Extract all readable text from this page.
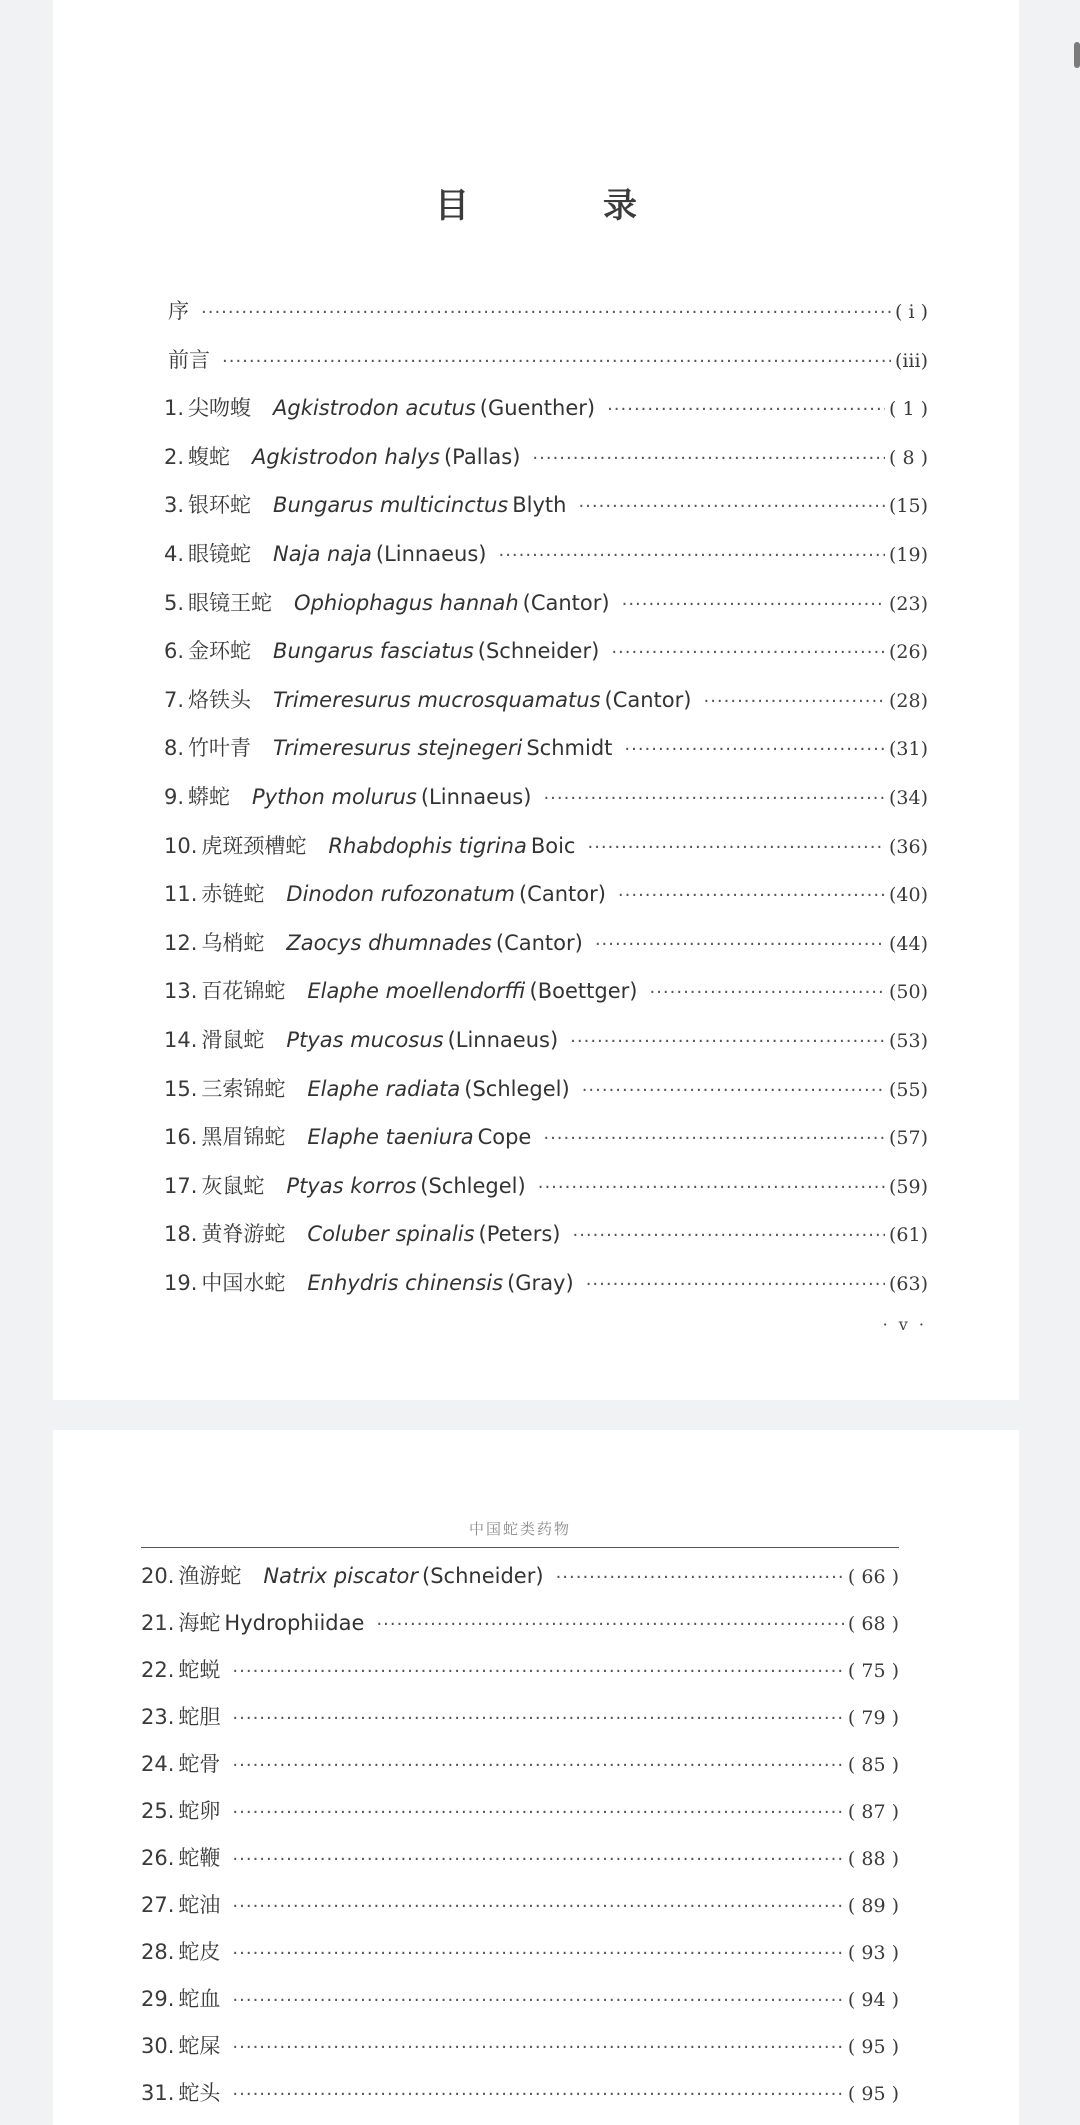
目　录
序 ·····	( i )
前言 ·····	(iii)
1. 尖吻蝮 Agkistrodon acutus (Guenther) ·····	( 1 )
2. 蝮蛇 Agkistrodon halys (Pallas) ·····	( 8 )
3. 银环蛇 Bungarus multicinctus Blyth ·····	(15)
4. 眼镜蛇 Naja naja (Linnaeus) ·····	(19)
5. 眼镜王蛇 Ophiophagus hannah (Cantor) ·····	(23)
6. 金环蛇 Bungarus fasciatus (Schneider) ·····	(26)
7. 烙铁头 Trimeresurus mucrosquamatus (Cantor) ·····	(28)
8. 竹叶青 Trimeresurus stejnegeri Schmidt ·····	(31)
9. 蟒蛇 Python molurus (Linnaeus) ·····	(34)
10. 虎斑颈槽蛇 Rhabdophis tigrina Boic ·····	(36)
11. 赤链蛇 Dinodon rufozonatum (Cantor) ·····	(40)
12. 乌梢蛇 Zaocys dhumnades (Cantor) ·····	(44)
13. 百花锦蛇 Elaphe moellendorffi (Boettger) ·····	(50)
14. 滑鼠蛇 Ptyas mucosus (Linnaeus) ·····	(53)
15. 三索锦蛇 Elaphe radiata (Schlegel) ·····	(55)
16. 黑眉锦蛇 Elaphe taeniura Cope ·····	(57)
17. 灰鼠蛇 Ptyas korros (Schlegel) ·····	(59)
18. 黄脊游蛇 Coluber spinalis (Peters) ·····	(61)
19. 中国水蛇 Enhydris chinensis (Gray) ·····	(63)
· v ·
中国蛇类药物
20. 渔游蛇 Natrix piscator (Schneider) ·····	( 66 )
21. 海蛇 Hydrophiidae ·····	( 68 )
22. 蛇蜕 ·····	( 75 )
23. 蛇胆 ·····	( 79 )
24. 蛇骨 ·····	( 85 )
25. 蛇卵 ·····	( 87 )
26. 蛇鞭 ·····	( 88 )
27. 蛇油 ·····	( 89 )
28. 蛇皮 ·····	( 93 )
29. 蛇血 ·····	( 94 )
30. 蛇屎 ·····	( 95 )
31. 蛇头 ·····	( 95 )
